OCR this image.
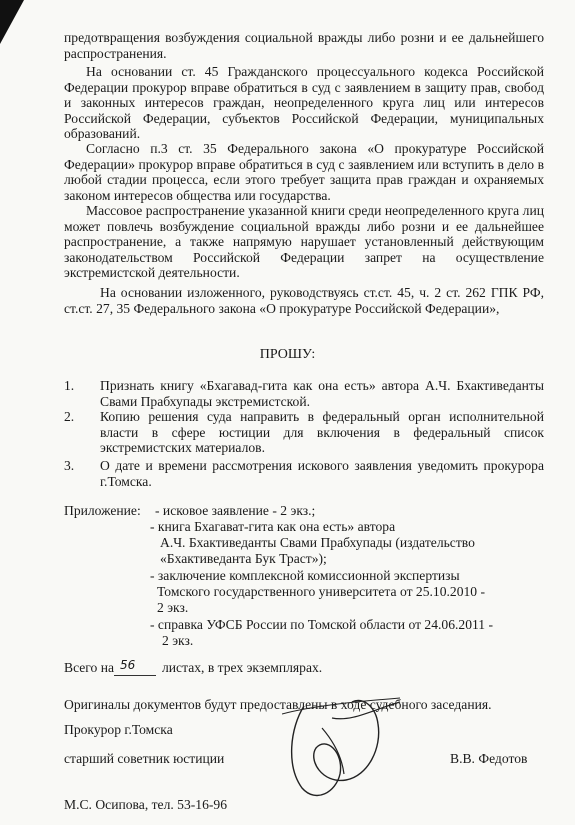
предотвращения возбуждения социальной вражды либо розни и ее дальнейшего распространения.
На основании ст. 45 Гражданского процессуального кодекса Российской Федерации прокурор вправе обратиться в суд с заявлением в защиту прав, свобод и законных интересов граждан, неопределенного круга лиц или интересов Российской Федерации, субъектов Российской Федерации, муниципальных образований.
Согласно п.3 ст. 35 Федерального закона «О прокуратуре Российской Федерации» прокурор вправе обратиться в суд с заявлением или вступить в дело в любой стадии процесса, если этого требует защита прав граждан и охраняемых законом интересов общества или государства.
Массовое распространение указанной книги среди неопределенного круга лиц может повлечь возбуждение социальной вражды либо розни и ее дальнейшее распространение, а также напрямую нарушает установленный действующим законодательством Российской Федерации запрет на осуществление экстремистской деятельности.
На основании изложенного, руководствуясь ст.ст. 45, ч. 2 ст. 262 ГПК РФ, ст.ст. 27, 35 Федерального закона «О прокуратуре Российской Федерации»,
ПРОШУ:
1. Признать книгу «Бхагавад-гита как она есть» автора А.Ч. Бхактиведанты Свами Прабхупады экстремистской.
2. Копию решения суда направить в федеральный орган исполнительной власти в сфере юстиции для включения в федеральный список экстремистских материалов.
3. О дате и времени рассмотрения искового заявления уведомить прокурора г.Томска.
Приложение: - исковое заявление - 2 экз.;
- книга Бхагават-гита как она есть» автора
А.Ч. Бхактиведанты Свами Прабхупады (издательство
«Бхактиведанта Бук Траст»);
- заключение комплексной комиссионной экспертизы
Томского государственного университета от 25.10.2010 -
2 экз.
- справка УФСБ России по Томской области от 24.06.2011 -
2 экз.
Всего на 56 листах, в трех экземплярах.
Оригиналы документов будут предоставлены в ходе судебного заседания.
Прокурор г.Томска
старший советник юстиции	В.В. Федотов
М.С. Осипова, тел. 53-16-96
